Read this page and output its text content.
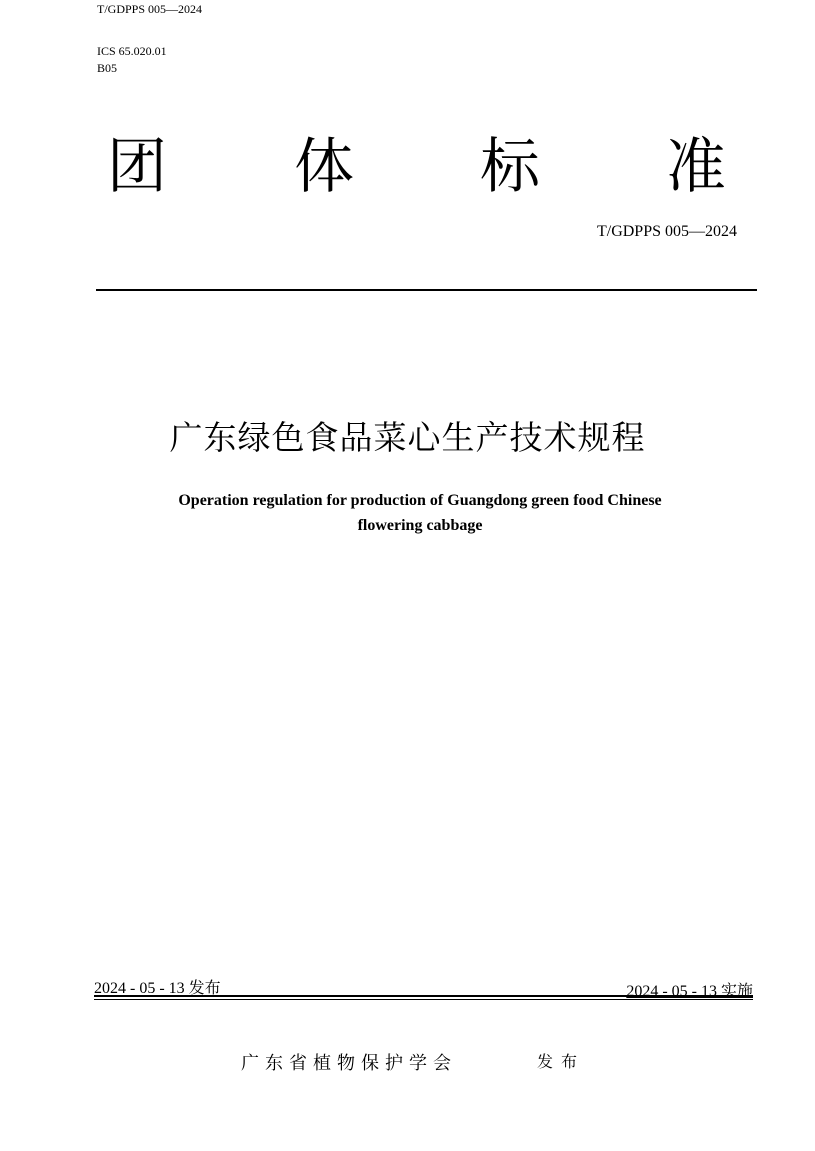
T/GDPPS 005—2024
ICS 65.020.01
B05
团 体 标 准
T/GDPPS 005—2024
广东绿色食品菜心生产技术规程
Operation regulation for production of Guangdong green food Chinese
flowering cabbage
2024 - 05 - 13 发布	2024 - 05 - 13 实施
广东省植物保护学会	发布
